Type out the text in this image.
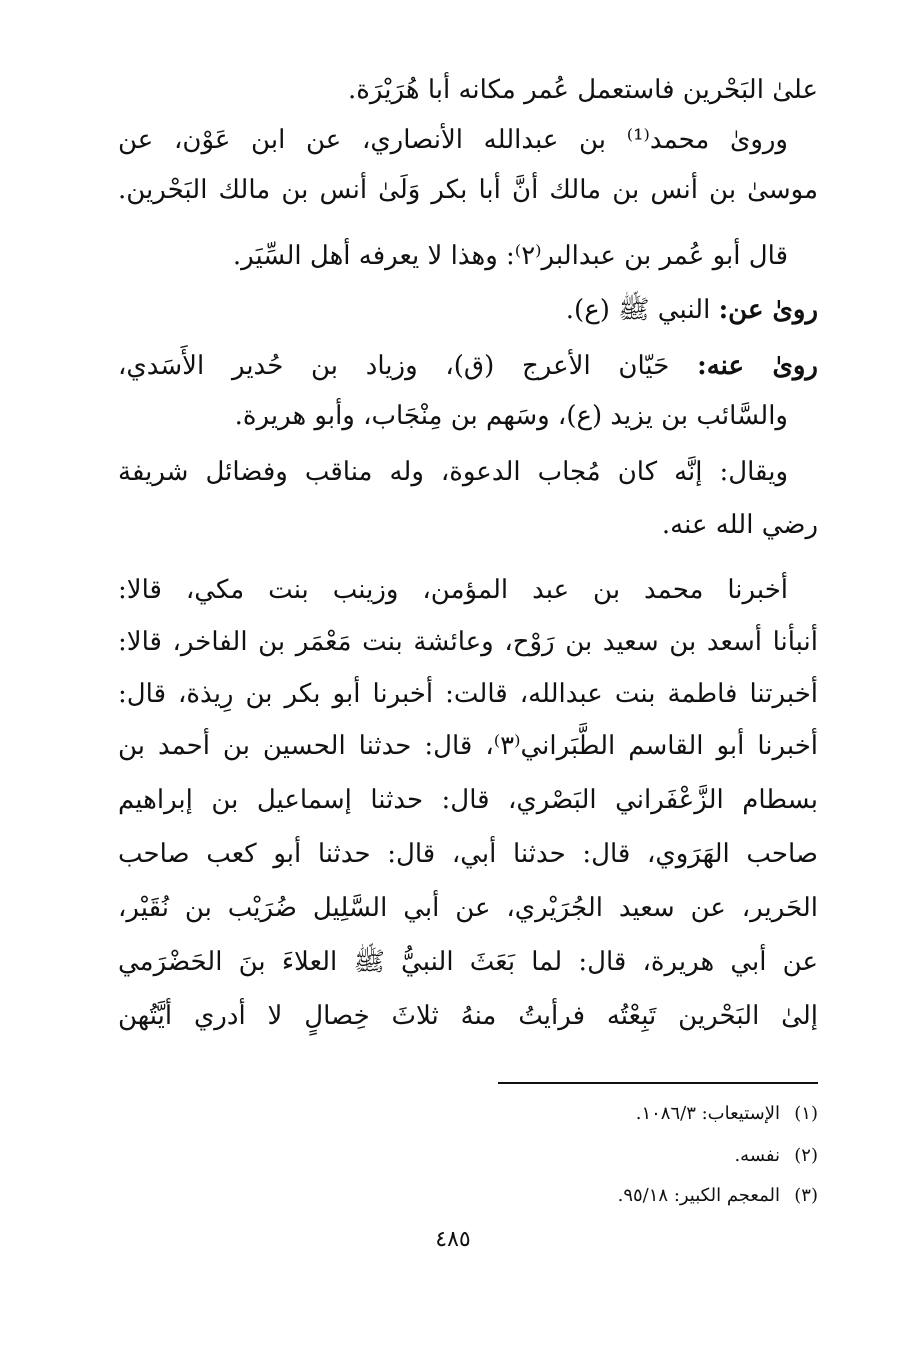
علىٰ البَحْرين فاستعمل عُمر مكانه أبا هُرَيْرَة.
ورویٰ محمد⁽¹⁾ بن عبدالله الأنصاري، عن ابن عَوْن، عن
موسىٰ بن أنس بن مالك أنَّ أبا بكر وَلَىٰ أنس بن مالك البَحْرين.
قال أبو عُمر بن عبدالبر⁽٢⁾: وهذا لا يعرفه أهل السِّيَر.
رویٰ عن: النبي ﷺ (ع).
رویٰ عنه: حَيّان الأعرج (ق)، وزياد بن حُدير الأَسَدي،
والسَّائب بن يزيد (ع)، وسَهم بن مِنْجَاب، وأبو هريرة.
ويقال: إنَّه كان مُجاب الدعوة، وله مناقب وفضائل شريفة
رضي الله عنه.
أخبرنا محمد بن عبد المؤمن، وزينب بنت مكي، قالا:
أنبأنا أسعد بن سعيد بن رَوْح، وعائشة بنت مَعْمَر بن الفاخر، قالا:
أخبرتنا فاطمة بنت عبدالله، قالت: أخبرنا أبو بكر بن رِيذة، قال:
أخبرنا أبو القاسم الطَّبَراني⁽٣⁾، قال: حدثنا الحسين بن أحمد بن
بسطام الزَّعْفَراني البَصْري، قال: حدثنا إسماعيل بن إبراهيم
صاحب الهَرَوي، قال: حدثنا أبي، قال: حدثنا أبو كعب صاحب
الحَرير، عن سعيد الجُرَيْري، عن أبي السَّلِيل ضُرَيْب بن نُقَيْر،
عن أبي هريرة، قال: لما بَعَثَ النبيُّ ﷺ العلاءَ بنَ الحَضْرَمي
إلىٰ البَحْرين تَبِعْتُه فرأيتُ منهُ ثلاثَ خِصالٍ لا أدري أيَّتُهن
(١)الإستيعاب: ١٠٨٦/٣.
(٢)نفسه.
(٣)المعجم الكبير: ٩٥/١٨.
٤٨٥
